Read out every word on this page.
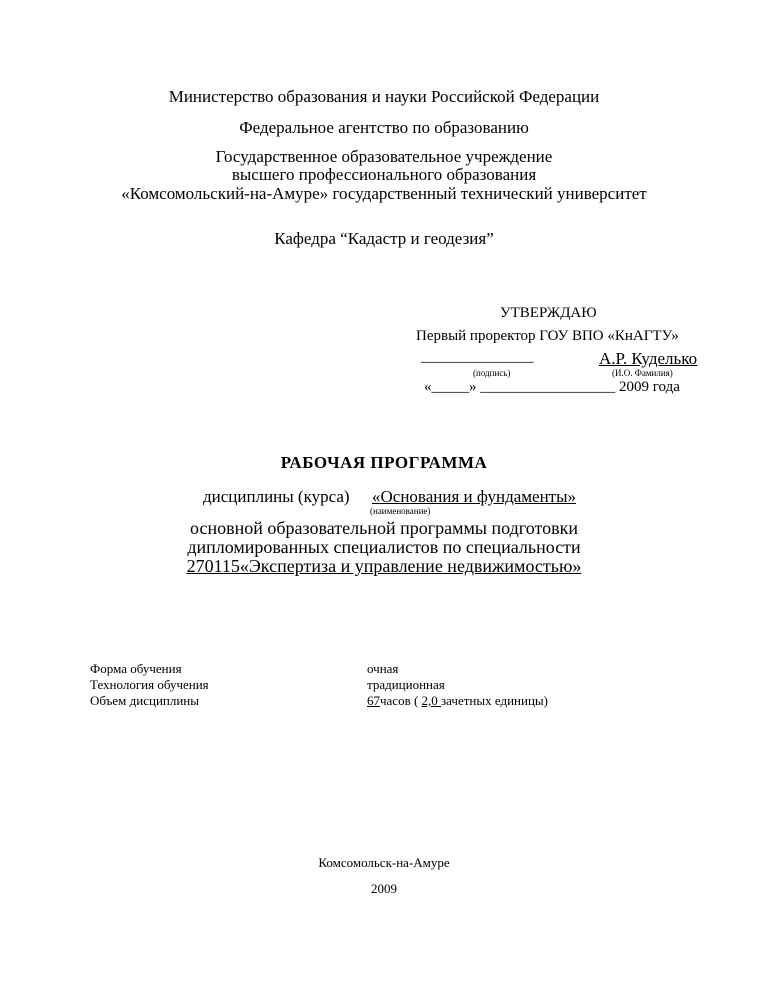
Министерство образования и науки Российской Федерации
Федеральное агентство по образованию
Государственное образовательное учреждение
высшего профессионального образования
«Комсомольский-на-Амуре» государственный технический университет
Кафедра “Кадастр и геодезия”
УТВЕРЖДАЮ
Первый проректор ГОУ ВПО «КнАГТУ»
_______________	А.Р. Куделько
(подпись)	(И.О. Фамилия)
«_____» __________________ 2009 года
РАБОЧАЯ ПРОГРАММА
дисциплины (курса) «Основания и фундаменты»
(наименование)
основной образовательной программы подготовки
дипломированных специалистов по специальности
270115«Экспертиза и управление недвижимостью»
Форма обучения	очная
Технология обучения	традиционная
Объем дисциплины	67часов ( 2,0 зачетных единицы)
Комсомольск-на-Амуре
2009
